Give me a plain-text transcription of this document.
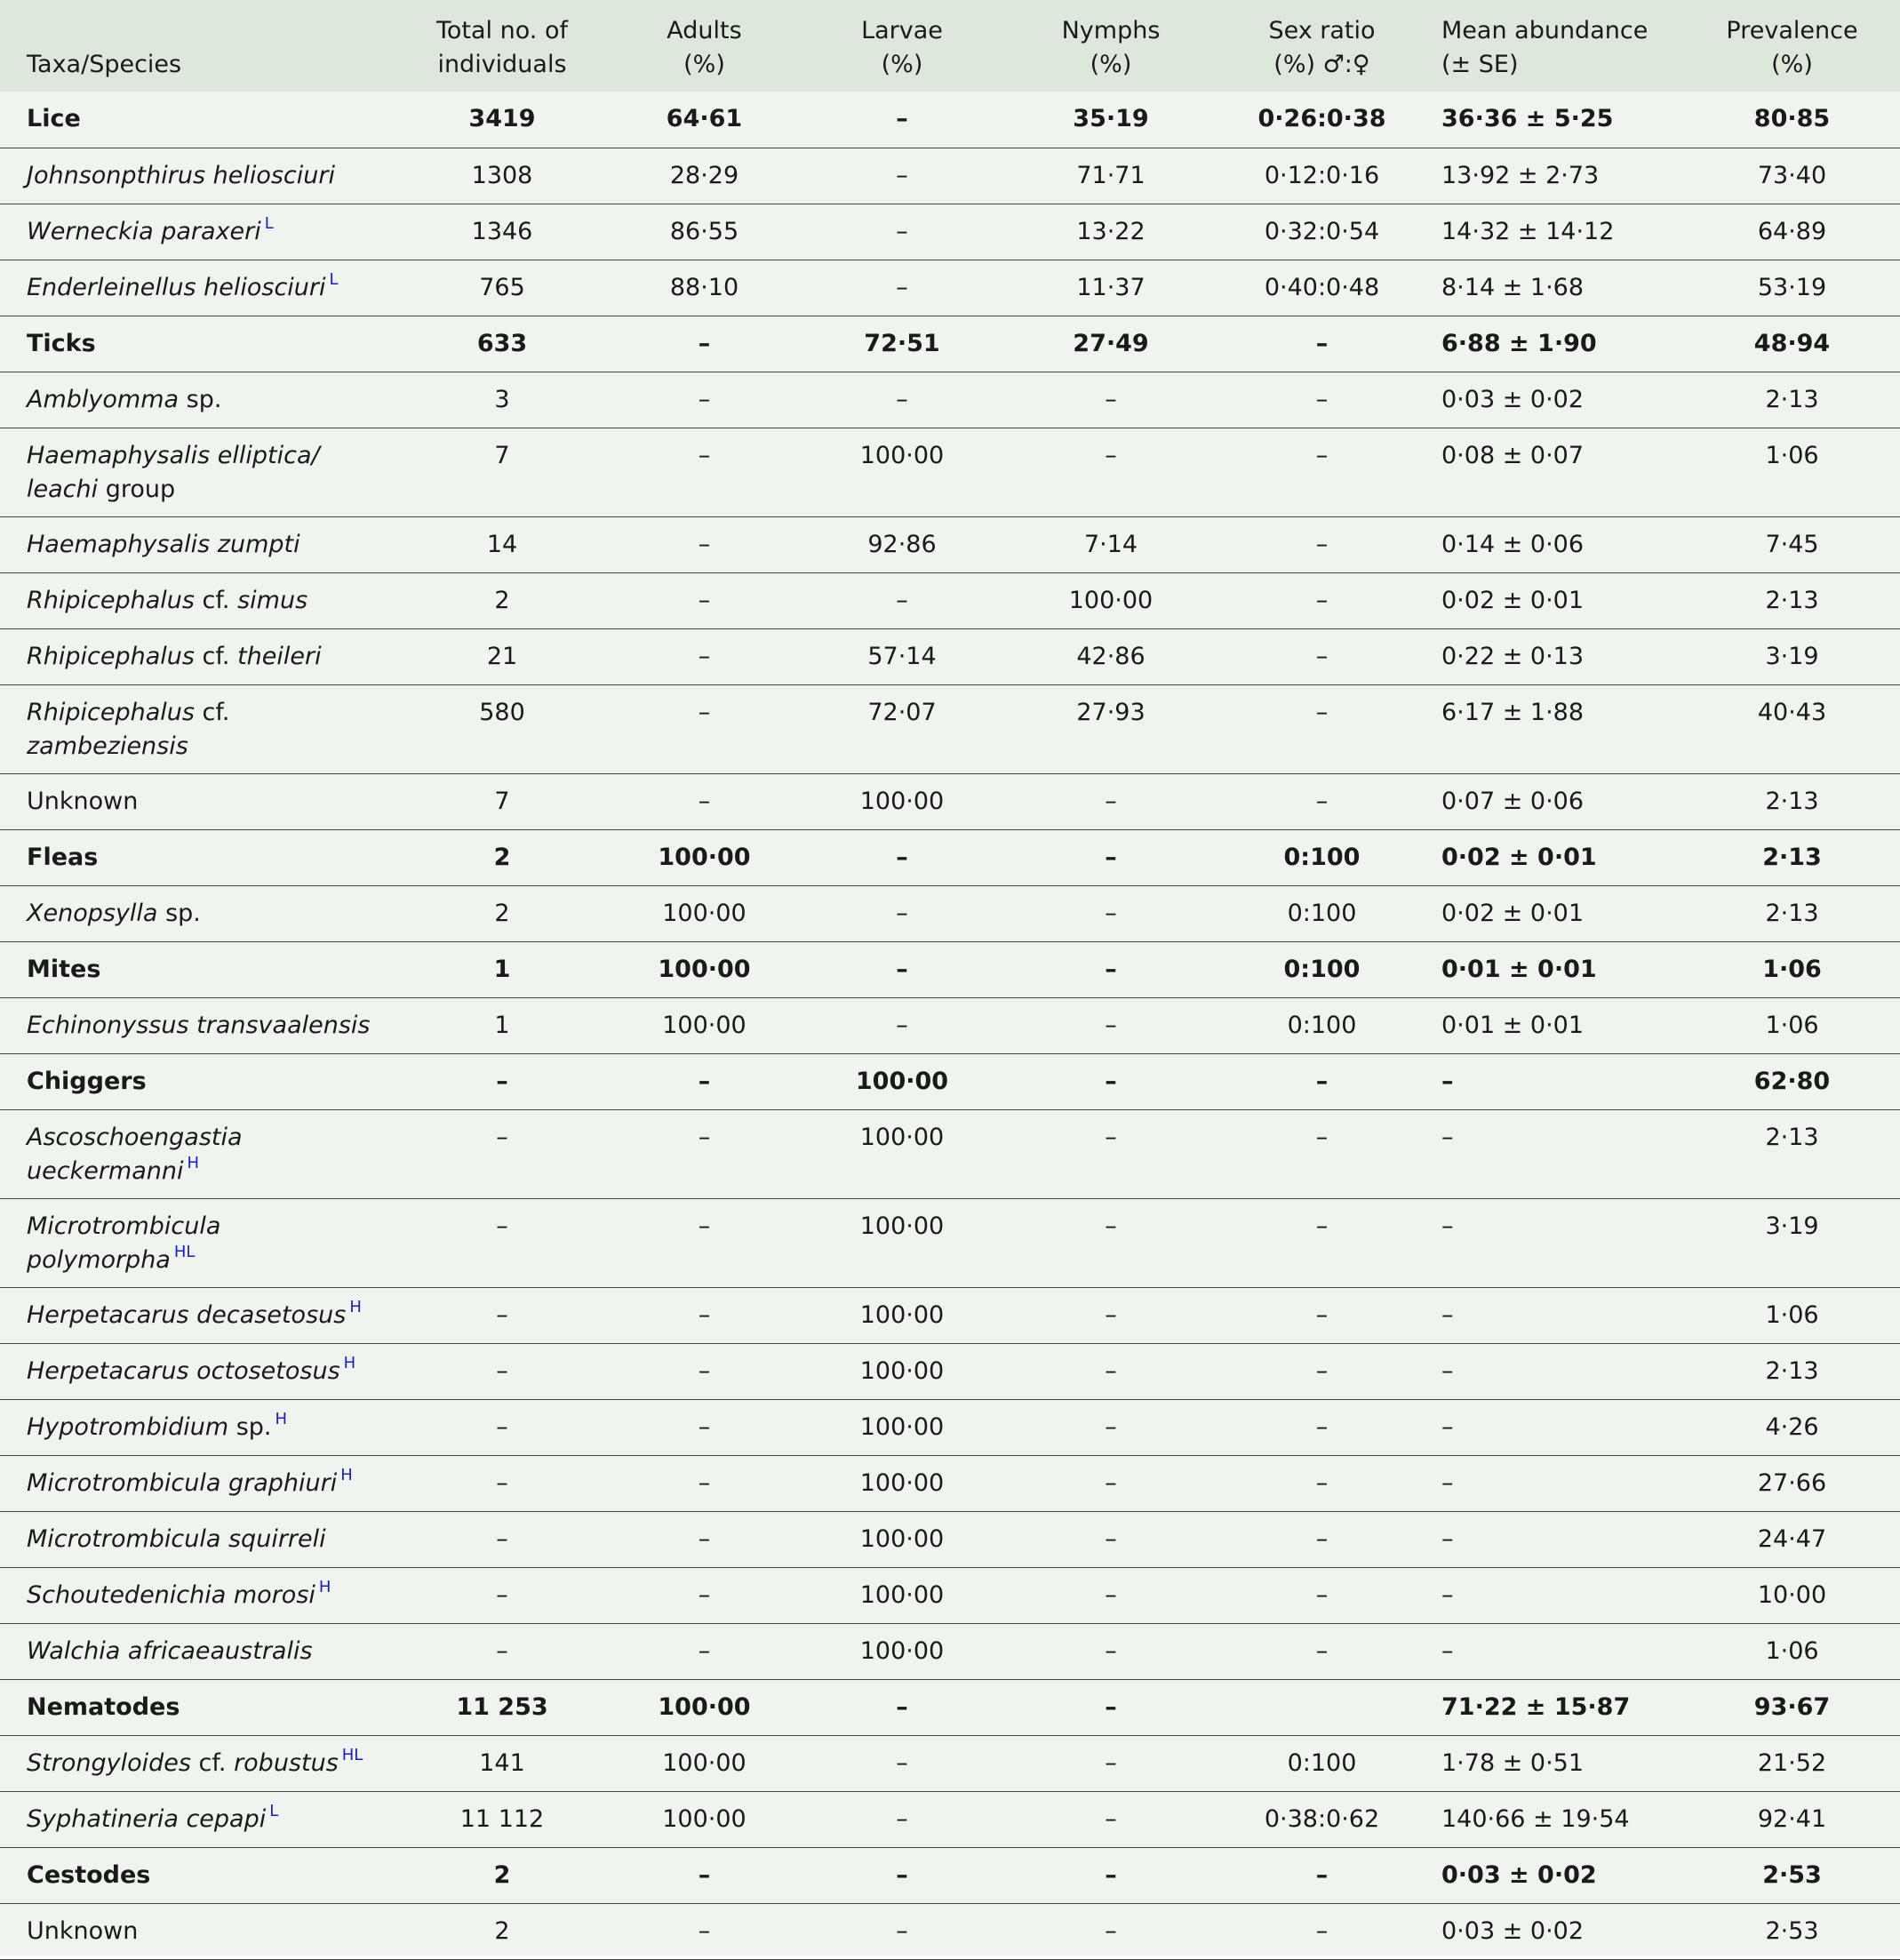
Taxa/Species	Total no. of individuals	Adults (%)	Larvae (%)	Nymphs (%)	Sex ratio (%) ♂:♀	Mean abundance (± SE)	Prevalence (%)
Lice	3419	64·61	–	35·19	0·26:0·38	36·36 ± 5·25	80·85
Johnsonpthirus heliosciuri	1308	28·29	–	71·71	0·12:0·16	13·92 ± 2·73	73·40
Werneckia paraxeri $^L$	1346	86·55	–	13·22	0·32:0·54	14·32 ± 14·12	64·89
Enderleinellus heliosciuri $^L$	765	88·10	–	11·37	0·40:0·48	8·14 ± 1·68	53·19
Ticks	633	–	72·51	27·49	–	6·88 ± 1·90	48·94
Amblyomma sp.	3	–	–	–	–	0·03 ± 0·02	2·13
Haemaphysalis elliptica/ leachi group	7	–	100·00	–	–	0·08 ± 0·07	1·06
Haemaphysalis zumpti	14	–	92·86	7·14	–	0·14 ± 0·06	7·45
Rhipicephalus cf. simus	2	–	–	100·00	–	0·02 ± 0·01	2·13
Rhipicephalus cf. theileri	21	–	57·14	42·86	–	0·22 ± 0·13	3·19
Rhipicephalus cf. zambeziensis	580	–	72·07	27·93	–	6·17 ± 1·88	40·43
Unknown	7	–	100·00	–	–	0·07 ± 0·06	2·13
Fleas	2	100·00	–	–	0:100	0·02 ± 0·01	2·13
Xenopsylla sp.	2	100·00	–	–	0:100	0·02 ± 0·01	2·13
Mites	1	100·00	–	–	0:100	0·01 ± 0·01	1·06
Echinonyssus transvaalensis	1	100·00	–	–	0:100	0·01 ± 0·01	1·06
Chiggers	–	–	100·00	–	–	–	62·80
Ascoschoengastia ueckermanni $^H$	–	–	100·00	–	–	–	2·13
Microtrombicula polymorpha $^{HL}$	–	–	100·00	–	–	–	3·19
Herpetacarus decasetosus $^H$	–	–	100·00	–	–	–	1·06
Herpetacarus octosetosus $^H$	–	–	100·00	–	–	–	2·13
Hypotrombidium sp. $^H$	–	–	100·00	–	–	–	4·26
Microtrombicula graphiuri $^H$	–	–	100·00	–	–	–	27·66
Microtrombicula squirreli	–	–	100·00	–	–	–	24·47
Schoutedenichia morosi $^H$	–	–	100·00	–	–	–	10·00
Walchia africaeaustralis	–	–	100·00	–	–	–	1·06
Nematodes	11 253	100·00	–	–		71·22 ± 15·87	93·67
Strongyloides cf. robustus $^{HL}$	141	100·00	–	–	0:100	1·78 ± 0·51	21·52
Syphatineria cepapi $^L$	11 112	100·00	–	–	0·38:0·62	140·66 ± 19·54	92·41
Cestodes	2	–	–	–	–	0·03 ± 0·02	2·53
Unknown	2	–	–	–	–	0·03 ± 0·02	2·53
